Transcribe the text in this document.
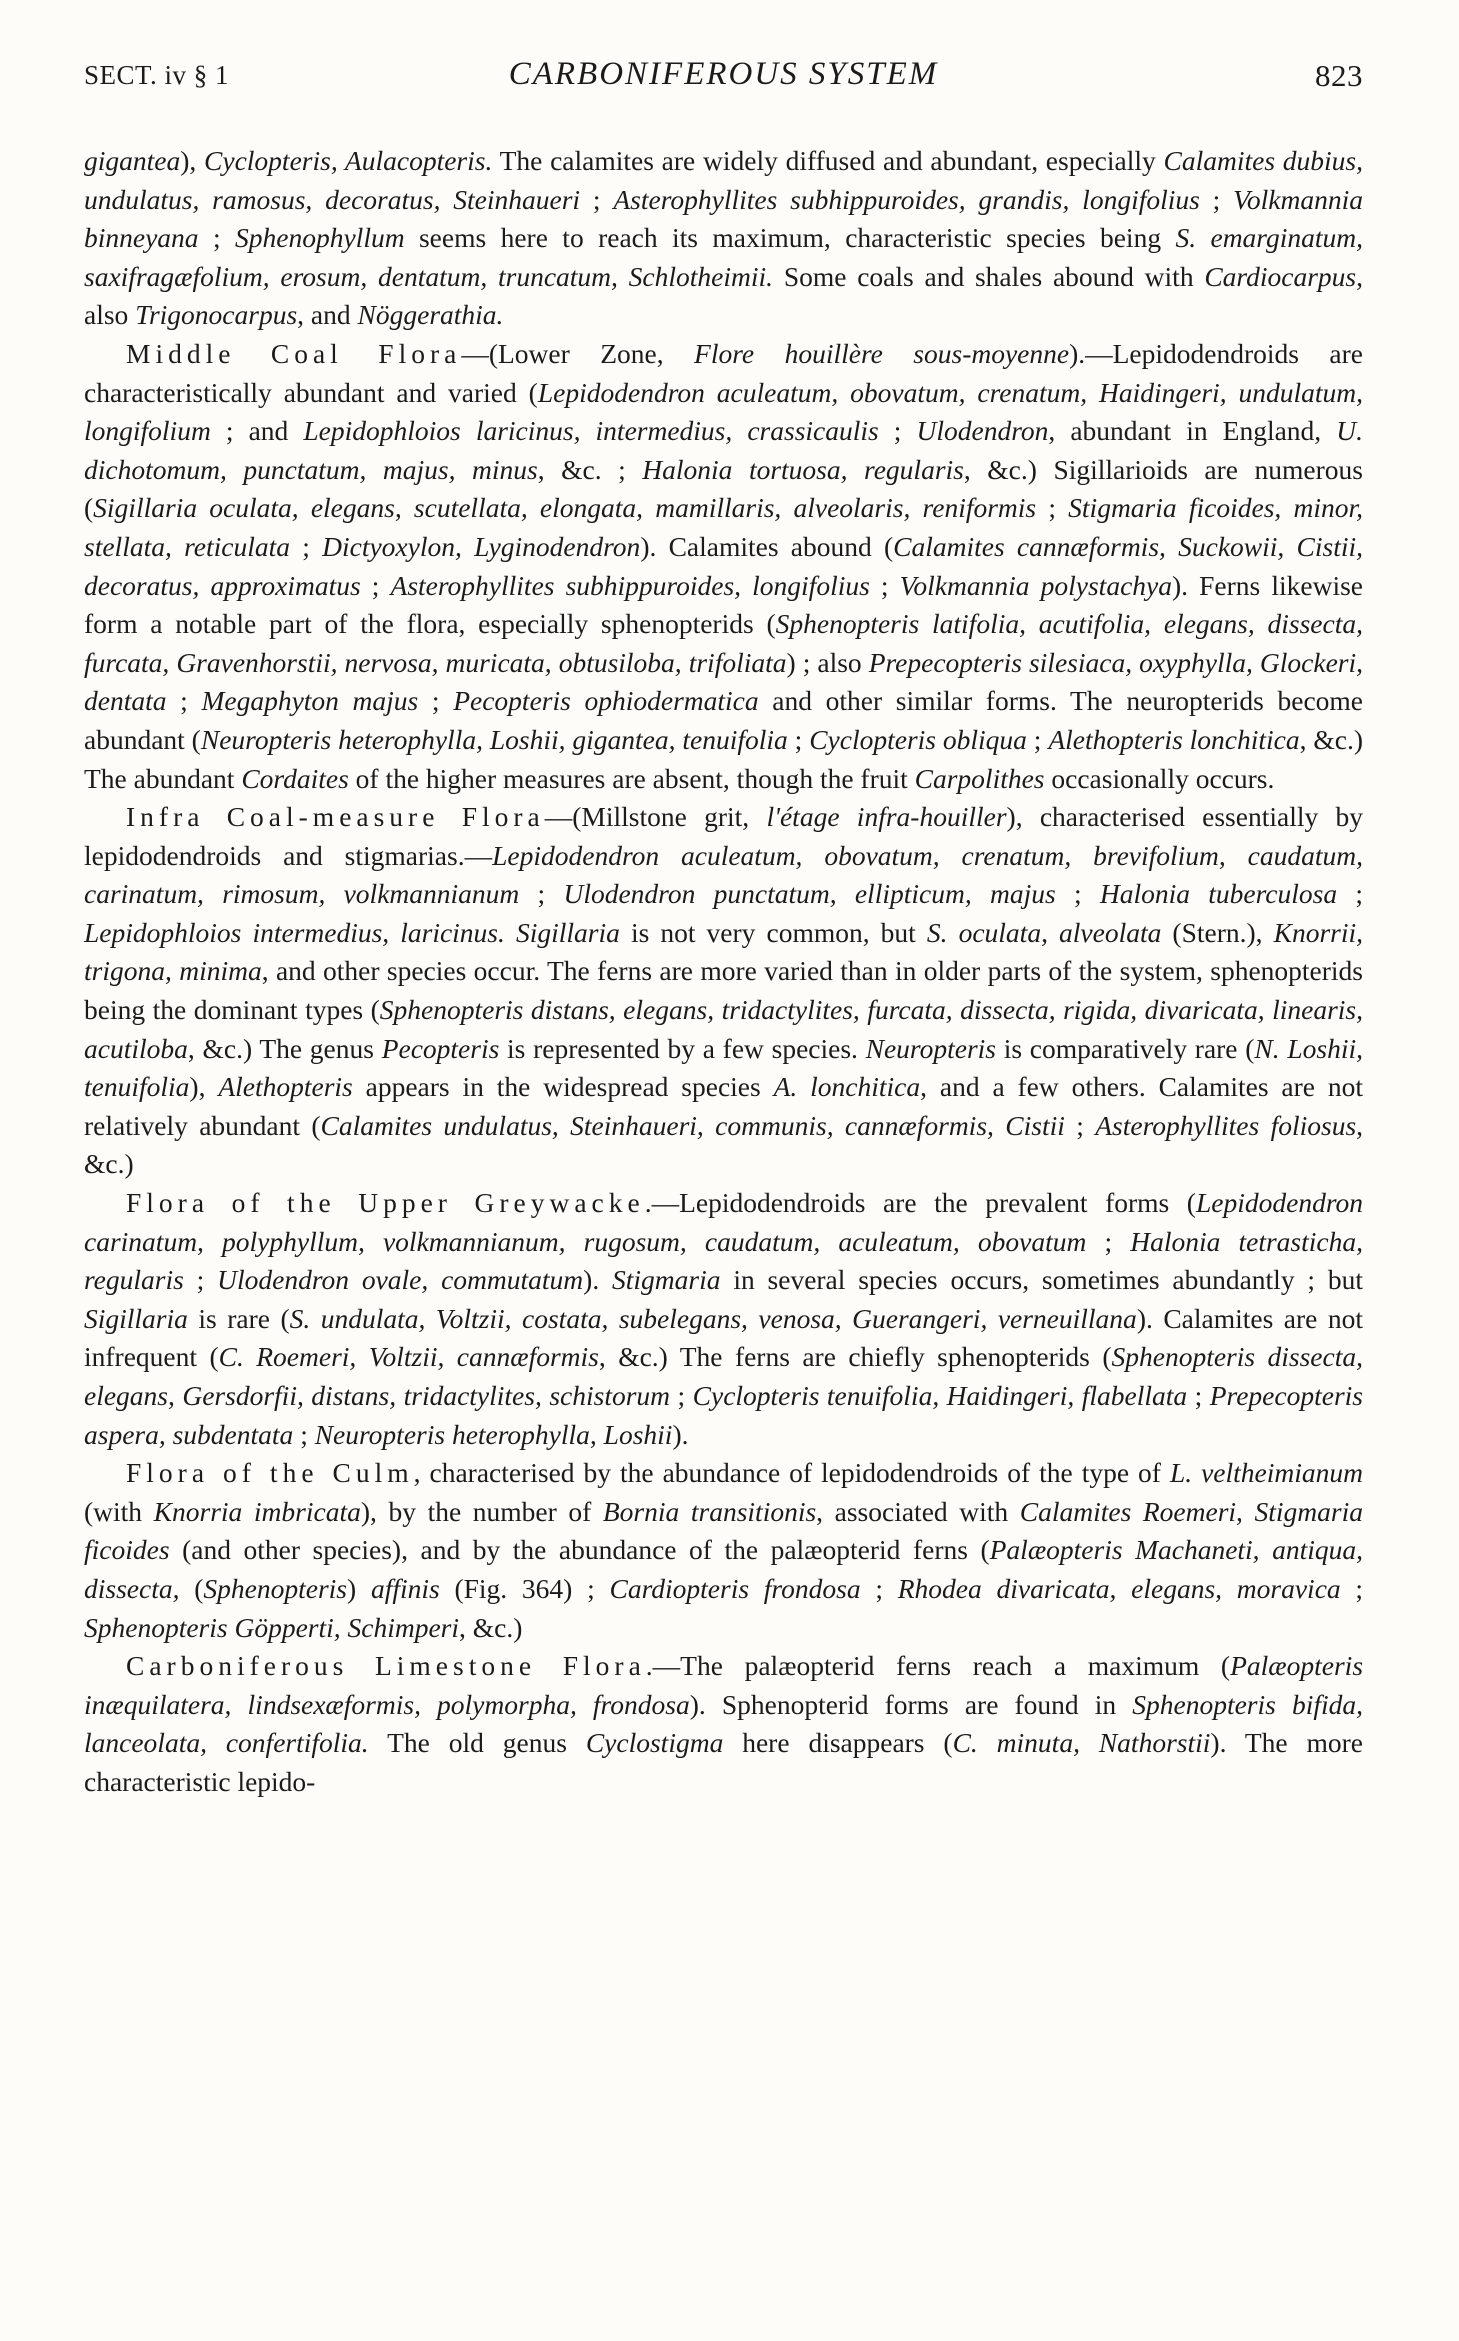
SECT. iv § 1	CARBONIFEROUS SYSTEM	823

gigantea), Cyclopteris, Aulacopteris. The calamites are widely diffused and abundant, especially Calamites dubius, undulatus, ramosus, decoratus, Steinhaueri ; Asterophyllites subhippuroides, grandis, longifolius ; Volkmannia binneyana ; Sphenophyllum seems here to reach its maximum, characteristic species being S. emarginatum, saxifragæfolium, erosum, dentatum, truncatum, Schlotheimii. Some coals and shales abound with Cardiocarpus, also Trigonocarpus, and Nöggerathia.

Middle Coal Flora—(Lower Zone, Flore houillère sous-moyenne).—Lepidodendroids are characteristically abundant and varied (Lepidodendron aculeatum, obovatum, crenatum, Haidingeri, undulatum, longifolium ; and Lepidophloios laricinus, intermedius, crassicaulis ; Ulodendron, abundant in England, U. dichotomum, punctatum, majus, minus, &c. ; Halonia tortuosa, regularis, &c.) Sigillarioids are numerous (Sigillaria oculata, elegans, scutellata, elongata, mamillaris, alveolaris, reniformis ; Stigmaria ficoides, minor, stellata, reticulata ; Dictyoxylon, Lyginodendron). Calamites abound (Calamites cannæformis, Suckowii, Cistii, decoratus, approximatus ; Asterophyllites subhippuroides, longifolius ; Volkmannia polystachya). Ferns likewise form a notable part of the flora, especially sphenopterids (Sphenopteris latifolia, acutifolia, elegans, dissecta, furcata, Gravenhorstii, nervosa, muricata, obtusiloba, trifoliata) ; also Prepecopteris silesiaca, oxyphylla, Glockeri, dentata ; Megaphyton majus ; Pecopteris ophiodermatica and other similar forms. The neuropterids become abundant (Neuropteris heterophylla, Loshii, gigantea, tenuifolia ; Cyclopteris obliqua ; Alethopteris lonchitica, &c.) The abundant Cordaites of the higher measures are absent, though the fruit Carpolithes occasionally occurs.

Infra Coal-measure Flora—(Millstone grit, l'étage infra-houiller), characterised essentially by lepidodendroids and stigmarias.—Lepidodendron aculeatum, obovatum, crenatum, brevifolium, caudatum, carinatum, rimosum, volkmannianum ; Ulodendron punctatum, ellipticum, majus ; Halonia tuberculosa ; Lepidophloios intermedius, laricinus. Sigillaria is not very common, but S. oculata, alveolata (Stern.), Knorrii, trigona, minima, and other species occur. The ferns are more varied than in older parts of the system, sphenopterids being the dominant types (Sphenopteris distans, elegans, tridactylites, furcata, dissecta, rigida, divaricata, linearis, acutiloba, &c.) The genus Pecopteris is represented by a few species. Neuropteris is comparatively rare (N. Loshii, tenuifolia), Alethopteris appears in the widespread species A. lonchitica, and a few others. Calamites are not relatively abundant (Calamites undulatus, Steinhaueri, communis, cannæformis, Cistii ; Asterophyllites foliosus, &c.)

Flora of the Upper Greywacke.—Lepidodendroids are the prevalent forms (Lepidodendron carinatum, polyphyllum, volkmannianum, rugosum, caudatum, aculeatum, obovatum ; Halonia tetrasticha, regularis ; Ulodendron ovale, commutatum). Stigmaria in several species occurs, sometimes abundantly ; but Sigillaria is rare (S. undulata, Voltzii, costata, subelegans, venosa, Guerangeri, verneuillana). Calamites are not infrequent (C. Roemeri, Voltzii, cannæformis, &c.) The ferns are chiefly sphenopterids (Sphenopteris dissecta, elegans, Gersdorfii, distans, tridactylites, schistorum ; Cyclopteris tenuifolia, Haidingeri, flabellata ; Prepecopteris aspera, subdentata ; Neuropteris heterophylla, Loshii).

Flora of the Culm, characterised by the abundance of lepidodendroids of the type of L. veltheimianum (with Knorria imbricata), by the number of Bornia transitionis, associated with Calamites Roemeri, Stigmaria ficoides (and other species), and by the abundance of the palæopterid ferns (Palæopteris Machaneti, antiqua, dissecta, (Sphenopteris) affinis (Fig. 364) ; Cardiopteris frondosa ; Rhodea divaricata, elegans, moravica ; Sphenopteris Göpperti, Schimperi, &c.)

Carboniferous Limestone Flora.—The palæopterid ferns reach a maximum (Palæopteris inæquilatera, lindsexæformis, polymorpha, frondosa). Sphenopterid forms are found in Sphenopteris bifida, lanceolata, confertifolia. The old genus Cyclostigma here disappears (C. minuta, Nathorstii). The more characteristic lepido-
